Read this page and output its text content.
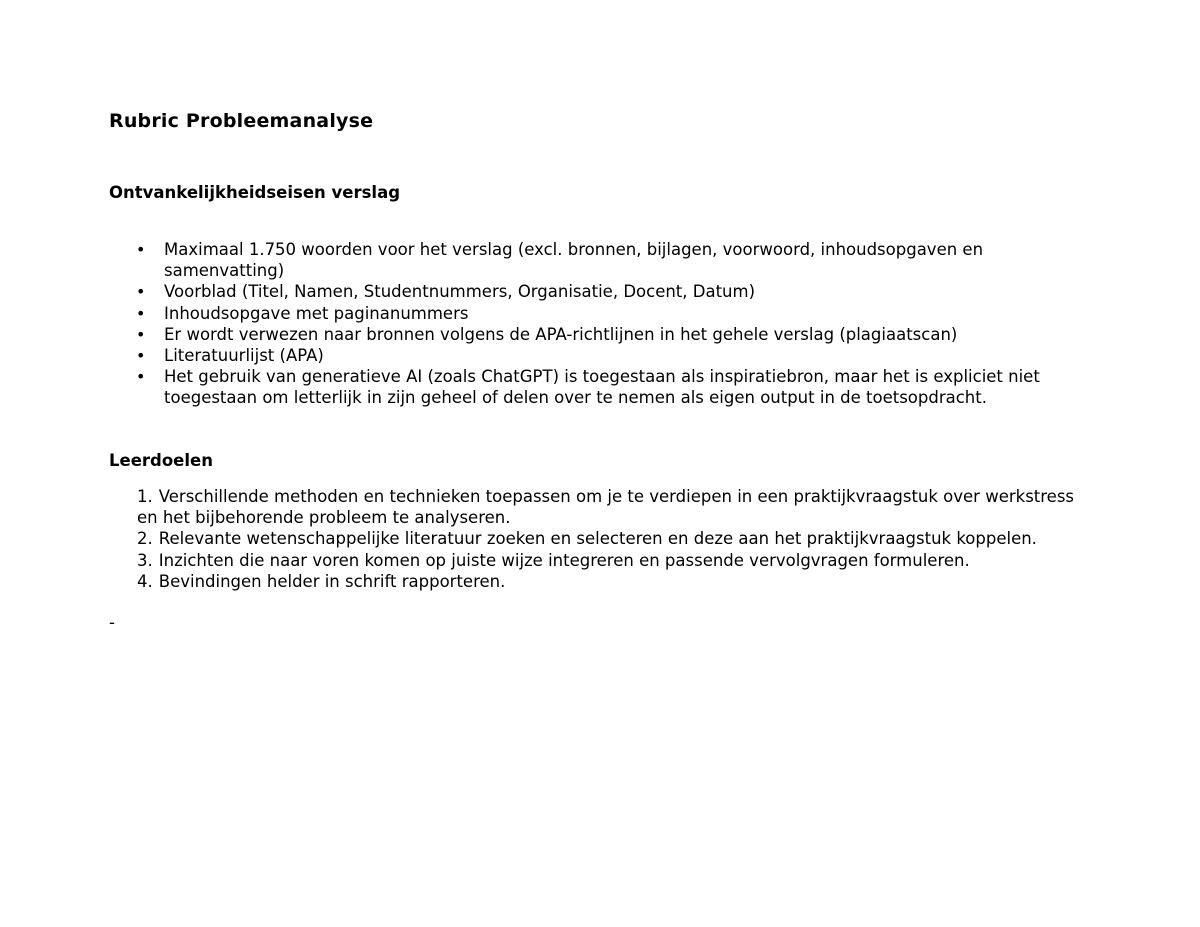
Rubric Probleemanalyse
Ontvankelijkheidseisen verslag
• Maximaal 1.750 woorden voor het verslag (excl. bronnen, bijlagen, voorwoord, inhoudsopgaven en samenvatting)
• Voorblad (Titel, Namen, Studentnummers, Organisatie, Docent, Datum)
• Inhoudsopgave met paginanummers
• Er wordt verwezen naar bronnen volgens de APA-richtlijnen in het gehele verslag (plagiaatscan)
• Literatuurlijst (APA)
• Het gebruik van generatieve AI (zoals ChatGPT) is toegestaan als inspiratiebron, maar het is expliciet niet toegestaan om letterlijk in zijn geheel of delen over te nemen als eigen output in de toetsopdracht.
Leerdoelen
1. Verschillende methoden en technieken toepassen om je te verdiepen in een praktijkvraagstuk over werkstress en het bijbehorende probleem te analyseren.
2. Relevante wetenschappelijke literatuur zoeken en selecteren en deze aan het praktijkvraagstuk koppelen.
3. Inzichten die naar voren komen op juiste wijze integreren en passende vervolgvragen formuleren.
4. Bevindingen helder in schrift rapporteren.

-
